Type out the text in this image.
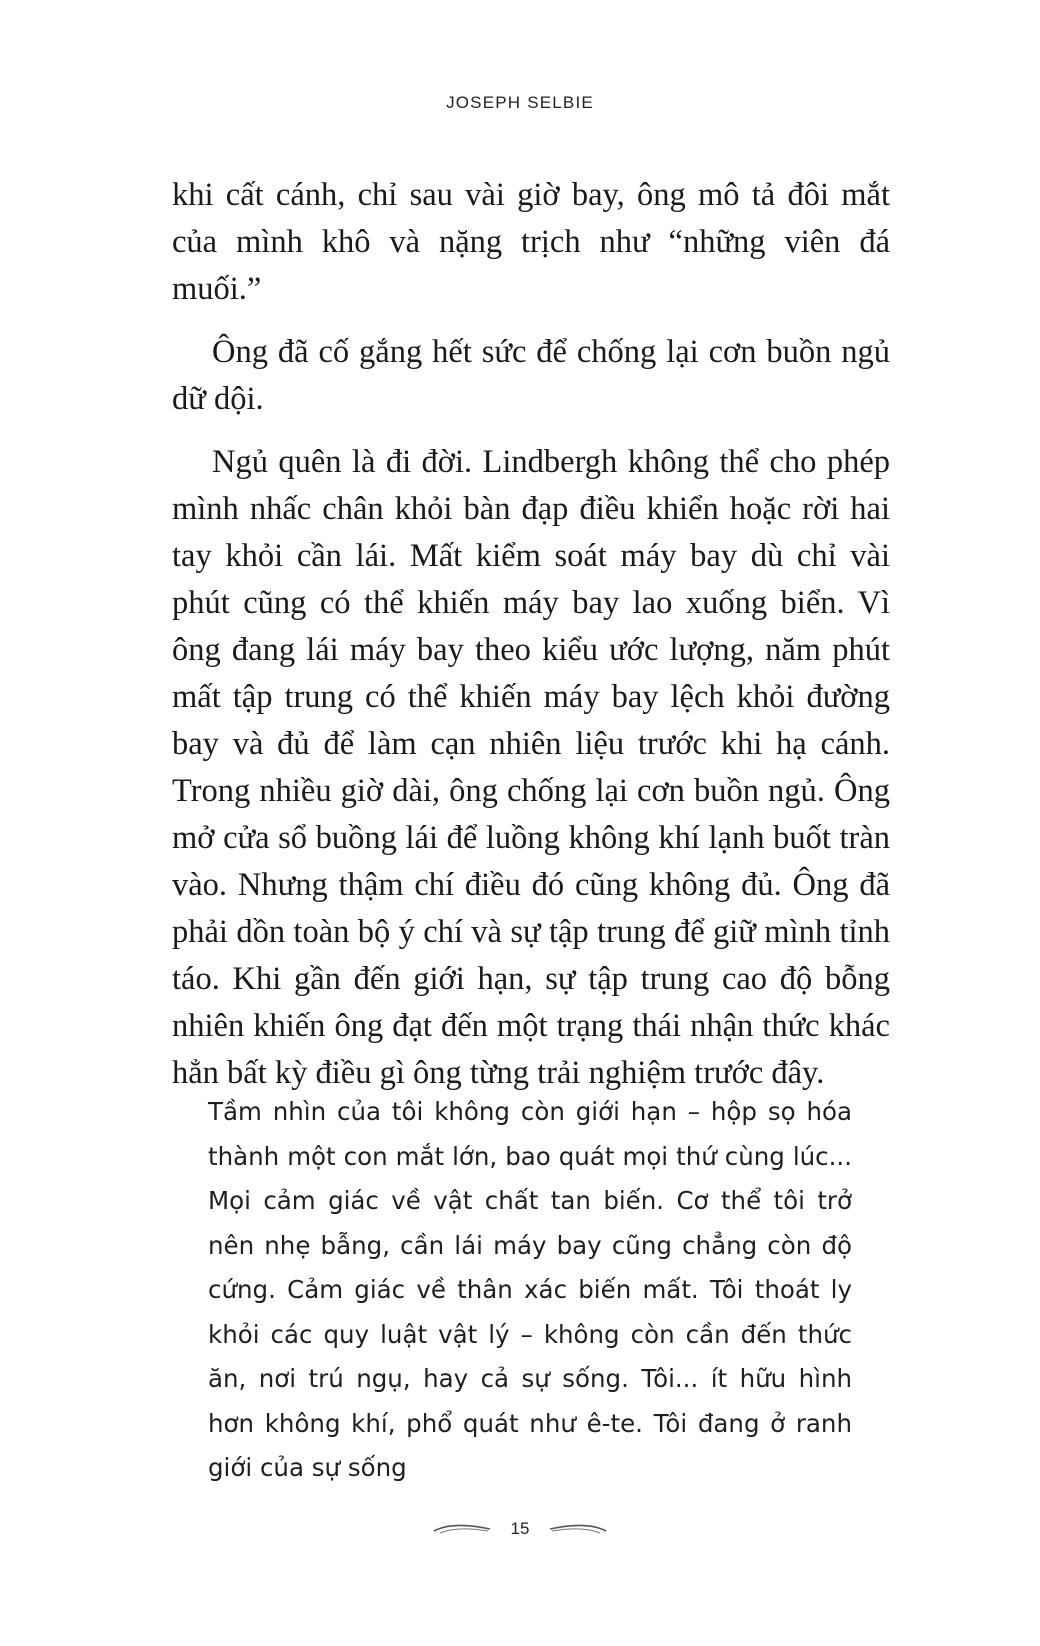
JOSEPH SELBIE

khi cất cánh, chỉ sau vài giờ bay, ông mô tả đôi mắt của mình khô và nặng trịch như “những viên đá muối.”

Ông đã cố gắng hết sức để chống lại cơn buồn ngủ dữ dội.

Ngủ quên là đi đời. Lindbergh không thể cho phép mình nhấc chân khỏi bàn đạp điều khiển hoặc rời hai tay khỏi cần lái. Mất kiểm soát máy bay dù chỉ vài phút cũng có thể khiến máy bay lao xuống biển. Vì ông đang lái máy bay theo kiểu ước lượng, năm phút mất tập trung có thể khiến máy bay lệch khỏi đường bay và đủ để làm cạn nhiên liệu trước khi hạ cánh. Trong nhiều giờ dài, ông chống lại cơn buồn ngủ. Ông mở cửa sổ buồng lái để luồng không khí lạnh buốt tràn vào. Nhưng thậm chí điều đó cũng không đủ. Ông đã phải dồn toàn bộ ý chí và sự tập trung để giữ mình tỉnh táo. Khi gần đến giới hạn, sự tập trung cao độ bỗng nhiên khiến ông đạt đến một trạng thái nhận thức khác hẳn bất kỳ điều gì ông từng trải nghiệm trước đây.

Tầm nhìn của tôi không còn giới hạn – hộp sọ hóa thành một con mắt lớn, bao quát mọi thứ cùng lúc... Mọi cảm giác về vật chất tan biến. Cơ thể tôi trở nên nhẹ bẫng, cần lái máy bay cũng chẳng còn độ cứng. Cảm giác về thân xác biến mất. Tôi thoát ly khỏi các quy luật vật lý – không còn cần đến thức ăn, nơi trú ngụ, hay cả sự sống. Tôi... ít hữu hình hơn không khí, phổ quát như ê-te. Tôi đang ở ranh giới của sự sống

15
